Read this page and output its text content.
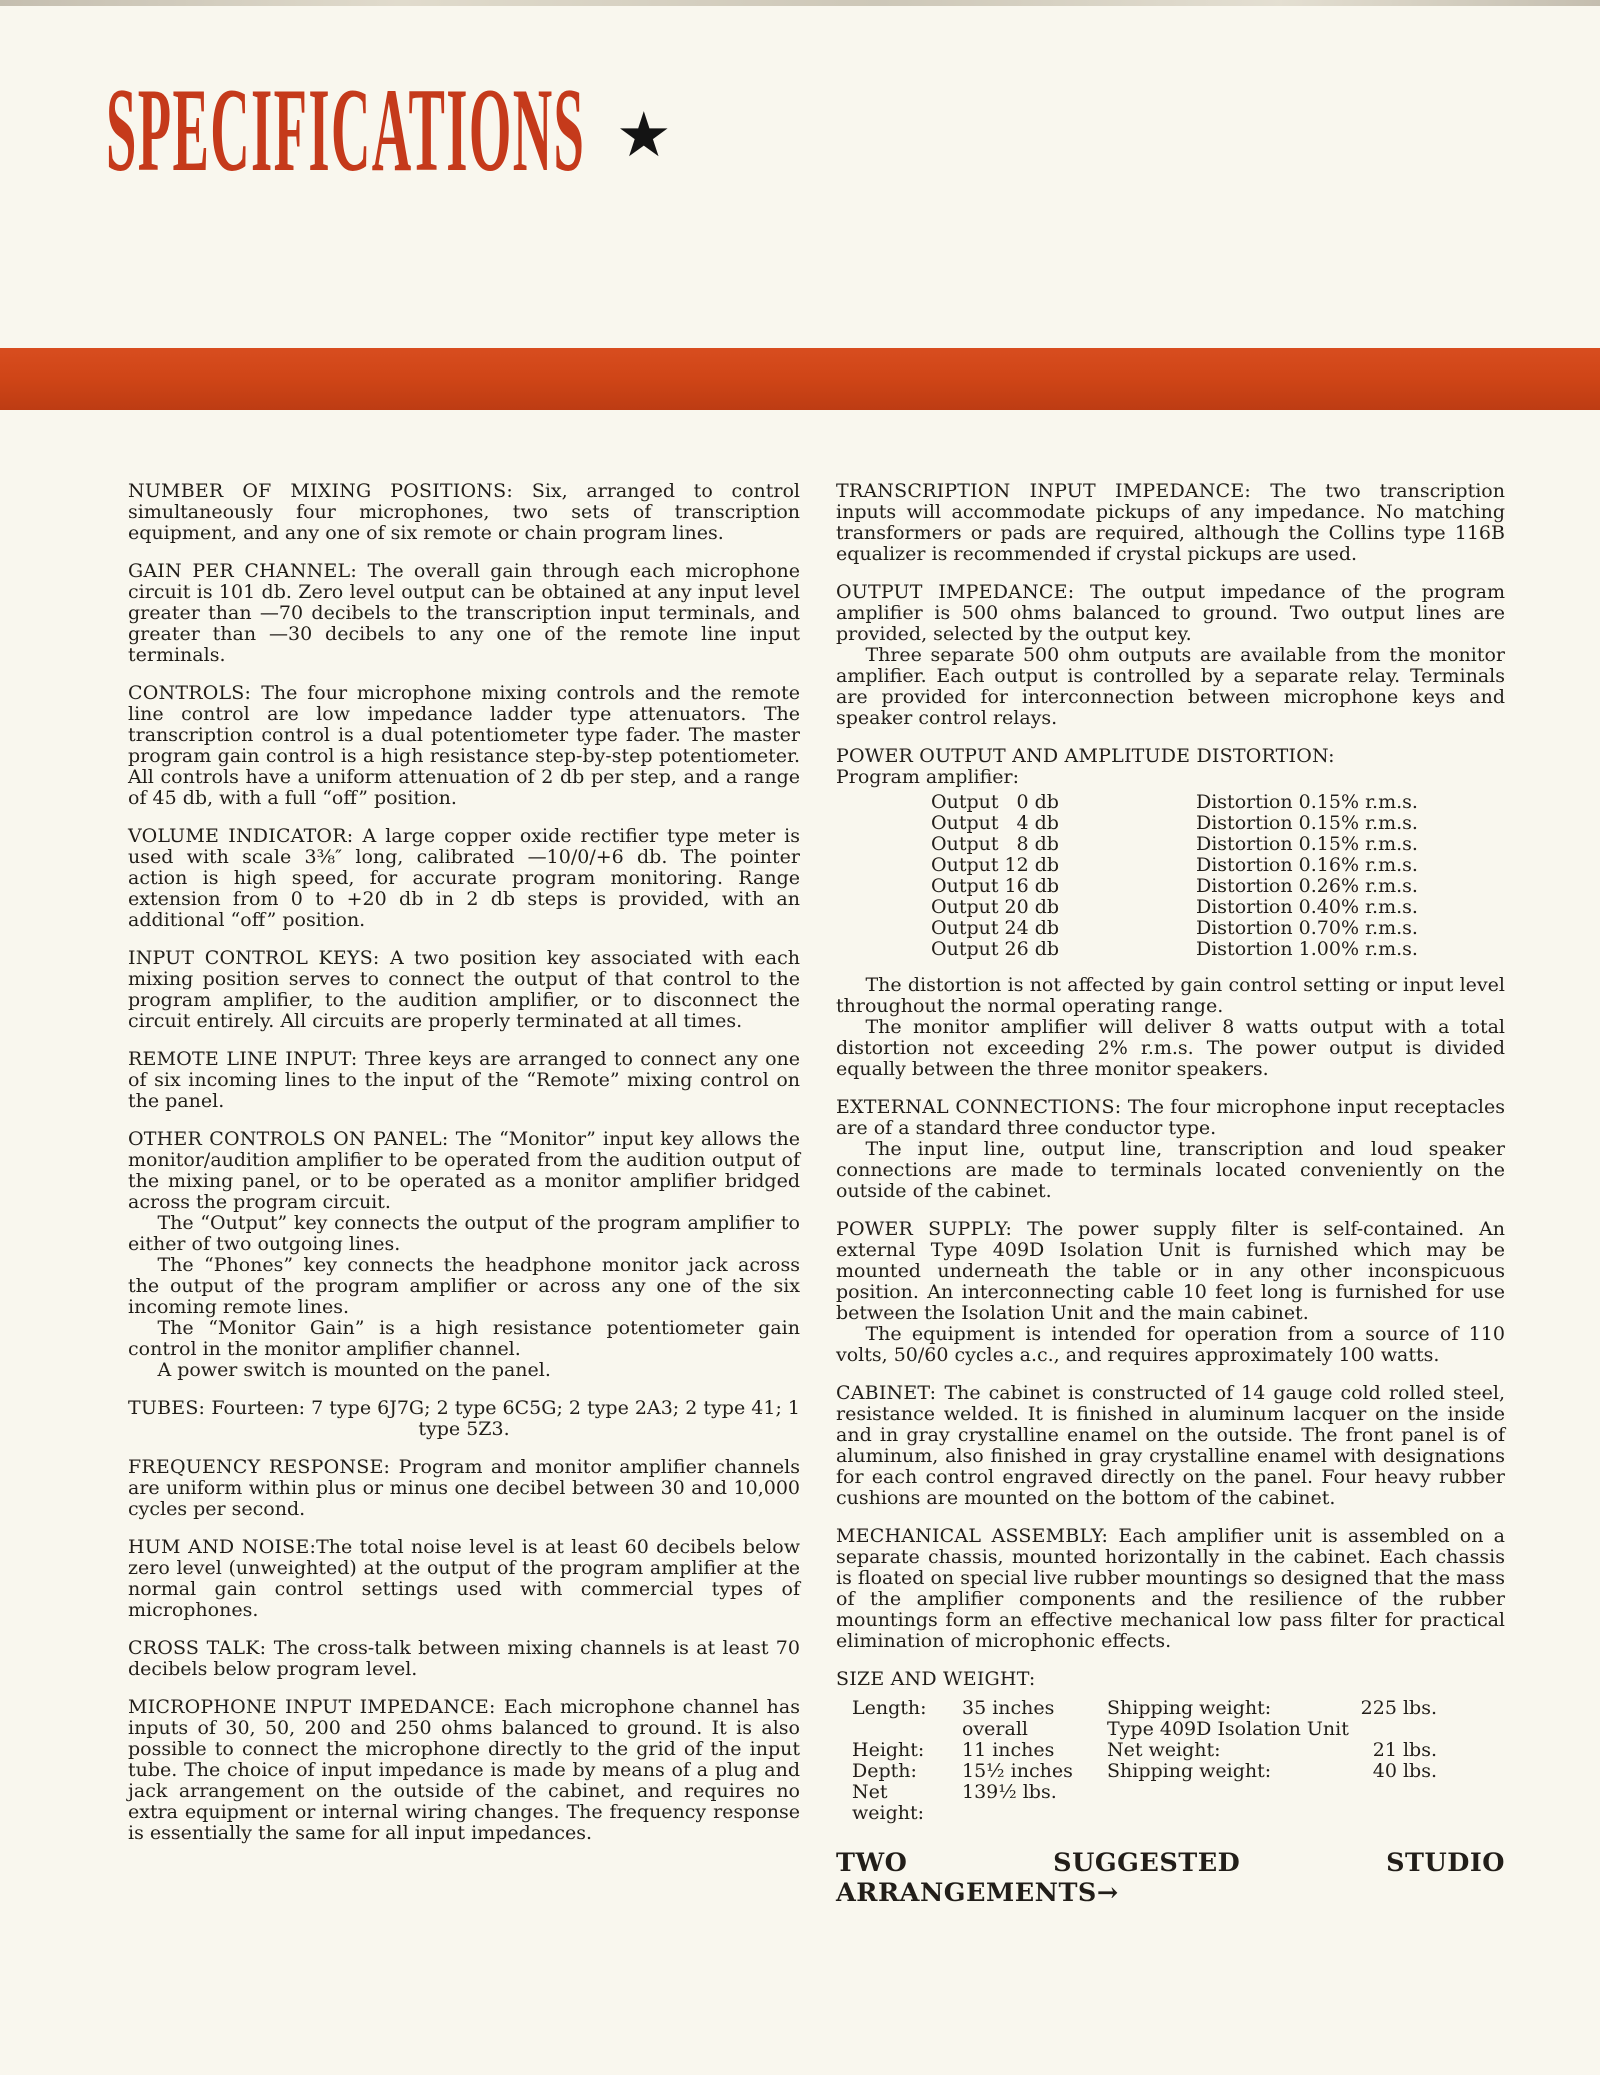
SPECIFICATIONS ★

NUMBER OF MIXING POSITIONS: Six, arranged to control simultaneously four microphones, two sets of transcription equipment, and any one of six remote or chain program lines.

GAIN PER CHANNEL: The overall gain through each microphone circuit is 101 db. Zero level output can be obtained at any input level greater than —70 decibels to the transcription input terminals, and greater than —30 decibels to any one of the remote line input terminals.

CONTROLS: The four microphone mixing controls and the remote line control are low impedance ladder type attenuators. The transcription control is a dual potentiometer type fader. The master program gain control is a high resistance step-by-step potentiometer. All controls have a uniform attenuation of 2 db per step, and a range of 45 db, with a full “off” position.

VOLUME INDICATOR: A large copper oxide rectifier type meter is used with scale 3⅜″ long, calibrated —10/0/+6 db. The pointer action is high speed, for accurate program monitoring. Range extension from 0 to +20 db in 2 db steps is provided, with an additional “off” position.

INPUT CONTROL KEYS: A two position key associated with each mixing position serves to connect the output of that control to the program amplifier, to the audition amplifier, or to disconnect the circuit entirely. All circuits are properly terminated at all times.

REMOTE LINE INPUT: Three keys are arranged to connect any one of six incoming lines to the input of the “Remote” mixing control on the panel.

OTHER CONTROLS ON PANEL: The “Monitor” input key allows the monitor/audition amplifier to be operated from the audition output of the mixing panel, or to be operated as a monitor amplifier bridged across the program circuit.

The “Output” key connects the output of the program amplifier to either of two outgoing lines.

The “Phones” key connects the headphone monitor jack across the output of the program amplifier or across any one of the six incoming remote lines.

The “Monitor Gain” is a high resistance potentiometer gain control in the monitor amplifier channel.

A power switch is mounted on the panel.

TUBES: Fourteen: 7 type 6J7G; 2 type 6C5G; 2 type 2A3; 2 type 41; 1 type 5Z3.

FREQUENCY RESPONSE: Program and monitor amplifier channels are uniform within plus or minus one decibel between 30 and 10,000 cycles per second.

HUM AND NOISE:The total noise level is at least 60 decibels below zero level (unweighted) at the output of the program amplifier at the normal gain control settings used with commercial types of microphones.

CROSS TALK: The cross-talk between mixing channels is at least 70 decibels below program level.

MICROPHONE INPUT IMPEDANCE: Each microphone channel has inputs of 30, 50, 200 and 250 ohms balanced to ground. It is also possible to connect the microphone directly to the grid of the input tube. The choice of input impedance is made by means of a plug and jack arrangement on the outside of the cabinet, and requires no extra equipment or internal wiring changes. The frequency response is essentially the same for all input impedances.

TRANSCRIPTION INPUT IMPEDANCE: The two transcription inputs will accommodate pickups of any impedance. No matching transformers or pads are required, although the Collins type 116B equalizer is recommended if crystal pickups are used.

OUTPUT IMPEDANCE: The output impedance of the program amplifier is 500 ohms balanced to ground. Two output lines are provided, selected by the output key.

Three separate 500 ohm outputs are available from the monitor amplifier. Each output is controlled by a separate relay. Terminals are provided for interconnection between microphone keys and speaker control relays.

POWER OUTPUT AND AMPLITUDE DISTORTION:

Program amplifier:

Output 0 db	Distortion 0.15% r.m.s.
Output 4 db	Distortion 0.15% r.m.s.
Output 8 db	Distortion 0.15% r.m.s.
Output 12 db	Distortion 0.16% r.m.s.
Output 16 db	Distortion 0.26% r.m.s.
Output 20 db	Distortion 0.40% r.m.s.
Output 24 db	Distortion 0.70% r.m.s.
Output 26 db	Distortion 1.00% r.m.s.

The distortion is not affected by gain control setting or input level throughout the normal operating range.

The monitor amplifier will deliver 8 watts output with a total distortion not exceeding 2% r.m.s. The power output is divided equally between the three monitor speakers.

EXTERNAL CONNECTIONS: The four microphone input receptacles are of a standard three conductor type.

The input line, output line, transcription and loud speaker connections are made to terminals located conveniently on the outside of the cabinet.

POWER SUPPLY: The power supply filter is self-contained. An external Type 409D Isolation Unit is furnished which may be mounted underneath the table or in any other inconspicuous position. An interconnecting cable 10 feet long is furnished for use between the Isolation Unit and the main cabinet.

The equipment is intended for operation from a source of 110 volts, 50/60 cycles a.c., and requires approximately 100 watts.

CABINET: The cabinet is constructed of 14 gauge cold rolled steel, resistance welded. It is finished in aluminum lacquer on the inside and in gray crystalline enamel on the outside. The front panel is of aluminum, also finished in gray crystalline enamel with designations for each control engraved directly on the panel. Four heavy rubber cushions are mounted on the bottom of the cabinet.

MECHANICAL ASSEMBLY: Each amplifier unit is assembled on a separate chassis, mounted horizontally in the cabinet. Each chassis is floated on special live rubber mountings so designed that the mass of the amplifier components and the resilience of the rubber mountings form an effective mechanical low pass filter for practical elimination of microphonic effects.

SIZE AND WEIGHT:

Length:	35 inches overall
Height:	11 inches
Depth:	15½ inches
Net weight:
139½ lbs.
Shipping weight:	225 lbs.
Type 409D Isolation Unit
Net weight:	21 lbs.
Shipping weight:	40 lbs.
TWO SUGGESTED STUDIO ARRANGEMENTS→
